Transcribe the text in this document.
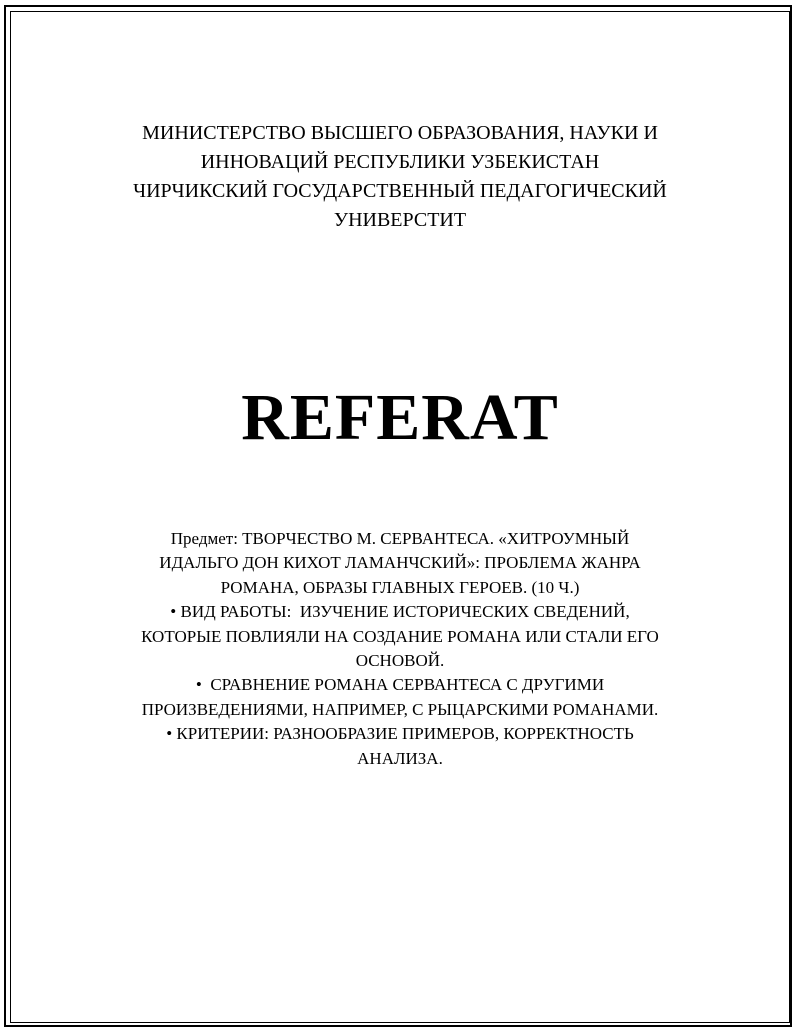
МИНИСТЕРСТВО ВЫСШЕГО ОБРАЗОВАНИЯ, НАУКИ И
ИННОВАЦИЙ РЕСПУБЛИКИ УЗБЕКИСТАН
ЧИРЧИКСКИЙ ГОСУДАРСТВЕННЫЙ ПЕДАГОГИЧЕСКИЙ
УНИВЕРСТИТ
REFERAT
Предмет: ТВОРЧЕСТВО М. СЕРВАНТЕСА. «ХИТРОУМНЫЙ
ИДАЛЬГО ДОН КИХОТ ЛАМАНЧСКИЙ»: ПРОБЛЕМА ЖАНРА
РОМАНА, ОБРАЗЫ ГЛАВНЫХ ГЕРОЕВ. (10 Ч.)
• ВИД РАБОТЫ:  ИЗУЧЕНИЕ ИСТОРИЧЕСКИХ СВЕДЕНИЙ,
КОТОРЫЕ ПОВЛИЯЛИ НА СОЗДАНИЕ РОМАНА ИЛИ СТАЛИ ЕГО
ОСНОВОЙ.
•  СРАВНЕНИЕ РОМАНА СЕРВАНТЕСА С ДРУГИМИ
ПРОИЗВЕДЕНИЯМИ, НАПРИМЕР, С РЫЦАРСКИМИ РОМАНАМИ.
• КРИТЕРИИ: РАЗНООБРАЗИЕ ПРИМЕРОВ, КОРРЕКТНОСТЬ
АНАЛИЗА.
